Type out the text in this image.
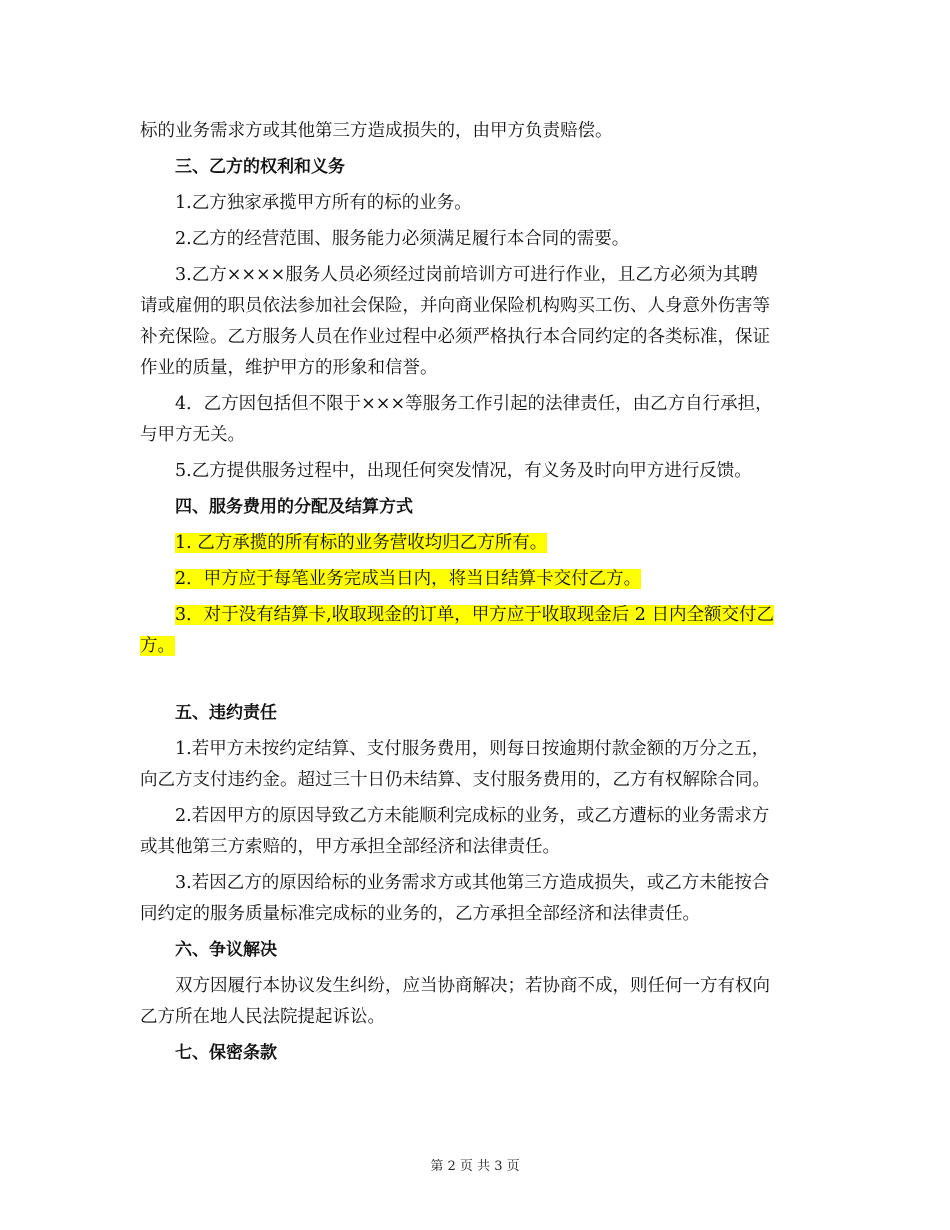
标的业务需求方或其他第三方造成损失的，由甲方负责赔偿。
三、乙方的权利和义务
1.乙方独家承揽甲方所有的标的业务。
2.乙方的经营范围、服务能力必须满足履行本合同的需要。
3.乙方××××服务人员必须经过岗前培训方可进行作业，且乙方必须为其聘
请或雇佣的职员依法参加社会保险，并向商业保险机构购买工伤、人身意外伤害等
补充保险。乙方服务人员在作业过程中必须严格执行本合同约定的各类标准，保证
作业的质量，维护甲方的形象和信誉。
4．乙方因包括但不限于×××等服务工作引起的法律责任，由乙方自行承担，
与甲方无关。
5.乙方提供服务过程中，出现任何突发情况，有义务及时向甲方进行反馈。
四、服务费用的分配及结算方式
1. 乙方承揽的所有标的业务营收均归乙方所有。
2．甲方应于每笔业务完成当日内，将当日结算卡交付乙方。
3．对于没有结算卡,收取现金的订单，甲方应于收取现金后 2 日内全额交付乙
方。
五、违约责任
1.若甲方未按约定结算、支付服务费用，则每日按逾期付款金额的万分之五，
向乙方支付违约金。超过三十日仍未结算、支付服务费用的，乙方有权解除合同。
2.若因甲方的原因导致乙方未能顺利完成标的业务，或乙方遭标的业务需求方
或其他第三方索赔的，甲方承担全部经济和法律责任。
3.若因乙方的原因给标的业务需求方或其他第三方造成损失，或乙方未能按合
同约定的服务质量标准完成标的业务的，乙方承担全部经济和法律责任。
六、争议解决
双方因履行本协议发生纠纷，应当协商解决；若协商不成，则任何一方有权向
乙方所在地人民法院提起诉讼。
七、保密条款
第 2 页 共 3 页
